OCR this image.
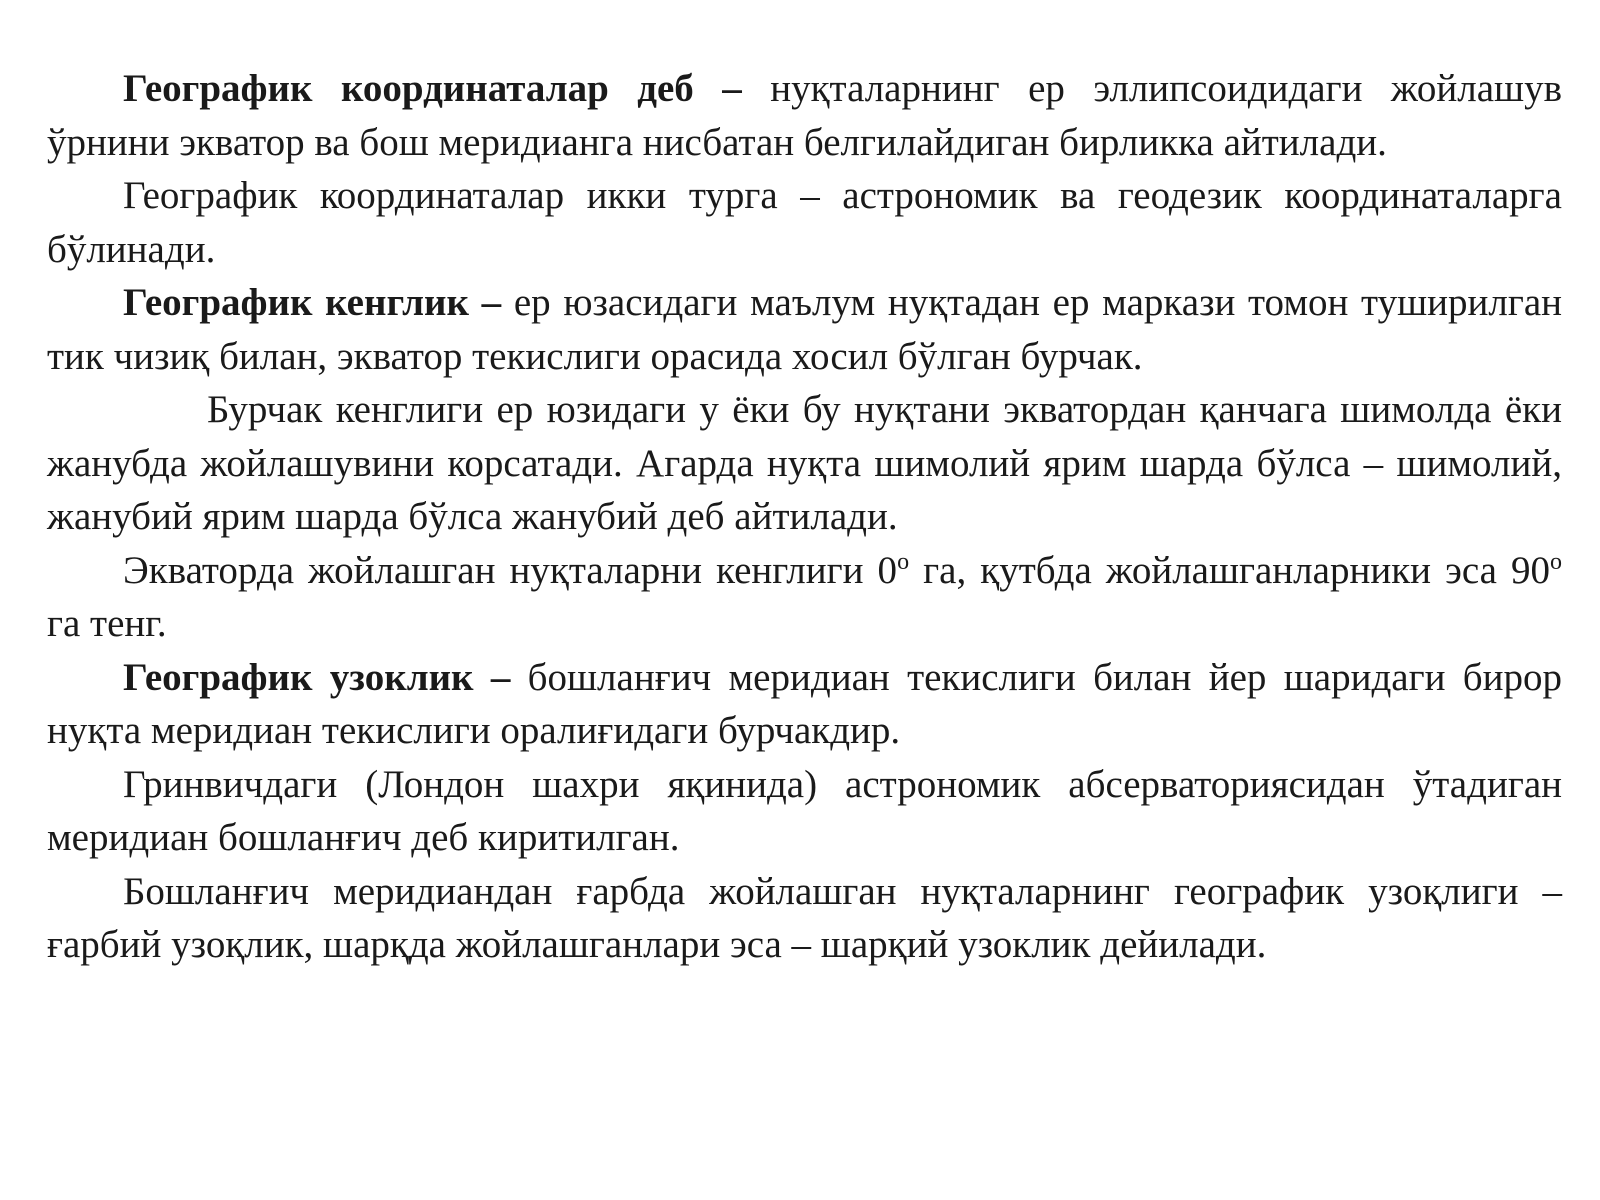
Географик координаталар деб – нуқталарнинг ер эллипсоидидаги жойлашув ўрнини экватор ва бош меридианга нисбатан белгилайдиган бирликка айтилади.

Географик координаталар икки турга – астрономик ва геодезик координаталарга бўлинади.

Географик кенглик – ер юзасидаги маълум нуқтадан ер маркази томон туширилган тик чизиқ билан, экватор текислиги орасида хосил бўлган бурчак.

Бурчак кенглиги ер юзидаги у ёки бу нуқтани экватордан қанчага шимолда ёки жанубда жойлашувини корсатади. Агарда нуқта шимолий ярим шарда бўлса – шимолий, жанубий ярим шарда бўлса жанубий деб айтилади.

Экваторда жойлашган нуқталарни кенглиги $0^о$ га, қутбда жойлашганларники эса $90^о$ га тенг.

Географик узоклик – бошланғич меридиан текислиги билан йер шаридаги бирор нуқта меридиан текислиги оралиғидаги бурчакдир.

Гринвичдаги (Лондон шахри яқинида) астрономик абсерваториясидан ўтадиган меридиан бошланғич деб киритилган.

Бошланғич меридиандан ғарбда жойлашган нуқталарнинг географик узоқлиги – ғарбий узоқлик, шарқда жойлашганлари эса – шарқий узоклик дейилади.
